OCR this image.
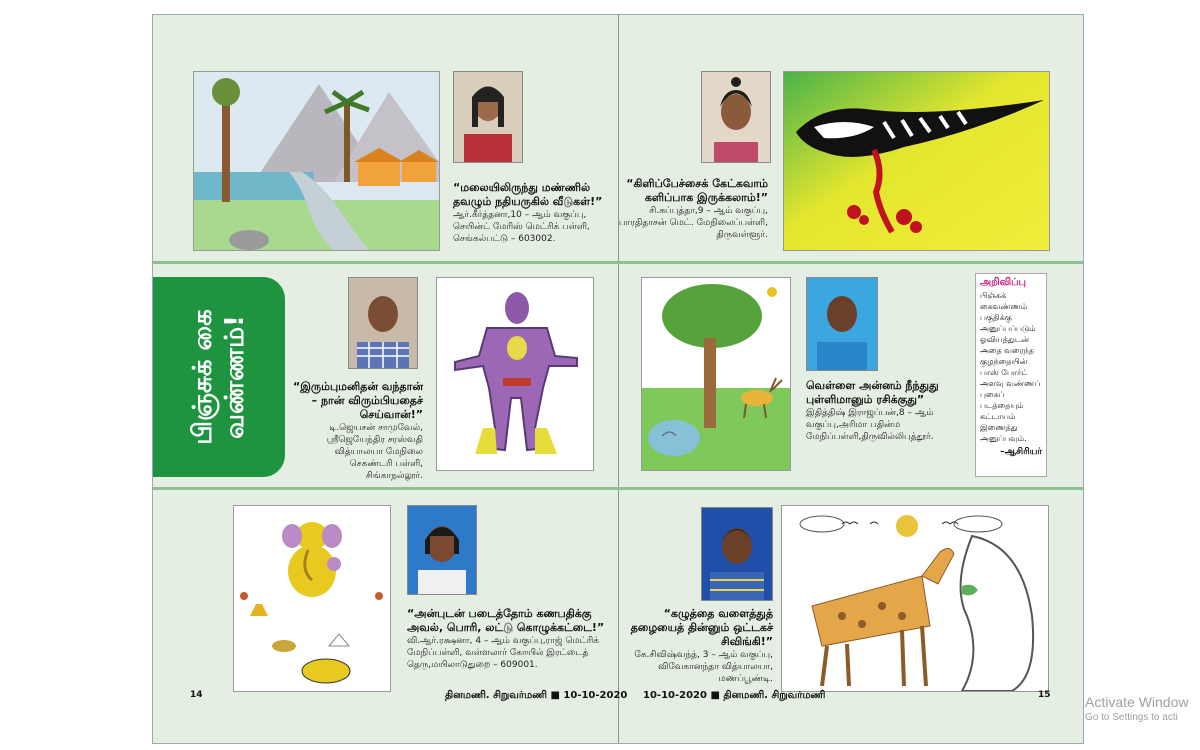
“மலையிலிருந்து மண்ணில் தவழும் நதியருகில் வீடுகள்!”
ஆர்.கீர்த்தனா,10 – ஆம் வகுப்பு, செயின்ட் மேரிஸ் மெட்ரிக் பள்ளி, செங்கல்பட்டு – 603002.
“கிளிப்பேச்சைக் கேட்கவாம் களிப்பாக இருக்கலாம்!”
சி.சுப்புத்தா,9 – ஆம் வகுப்பு, பாரதிதாசன் மெட். மேநிலைப்பள்ளி, திருவள்ளூர்.
பிஞ்சுக் கை வண்ணம்!	“இரும்புமனிதன் வந்தான் – நான் விரும்பியதைச் செய்வான்!”
டி.ஜெயசன் சாமுவேல், ஸ்ரீஜெயேந்திர சரஸ்வதி வித்யாலயா மேநிலை செகண்டரி பள்ளி, சிங்காநல்லூர்.
வெள்ளை அன்னம் நீந்துது புள்ளிமானும் ரசிக்குது”
இதித்திஷ் இராஜப்பன்,8 – ஆம் வகுப்பு,அரிமா பதின்ம மேநிப்பள்ளி,திருவில்லிபுத்தூர்.
அறிவிப்பு
பிஞ்சுக் கைவண்ணம் பகுதிக்கு அனுப்பப்படும் ஓவியத்துடன் அதை வரைந்த குழந்தையின் பாஸ் போர்ட் அளவு வண்ணப் புகைப் படத்தையும் கட்டாயம் இணைத்து அனுப்பவும்.
–ஆசிரியர்
“அன்புடன் படைத்தோம் கணபதிக்கு அவல், பொரி, லட்டு கொழுக்கட்டை!”
வி.ஆர்.ரக்ஷனா, 4 – ஆம் வகுப்பு,ராஜ் மெட்ரிக் மேநிப்பள்ளி, வள்ளலார் கோயில் இரட்டைத் தெரு,மயிலாடுதுறை – 609001.
“கழுத்தை வளைத்துத் தழையைத் தின்னும் ஒட்டகச் சிவிங்கி!”
கே.சிவிஷ்வந்த், 3 – ஆம் வகுப்பு, விவேகானந்தா வித்யாலயா, மணப்பூண்டி.
14	தினமணி. சிறுவர்மணி ■ 10-10-2020 10-10-2020 ■ தினமணி. சிறுவர்மணி	15 Activate Window
Go to Settings to acti
